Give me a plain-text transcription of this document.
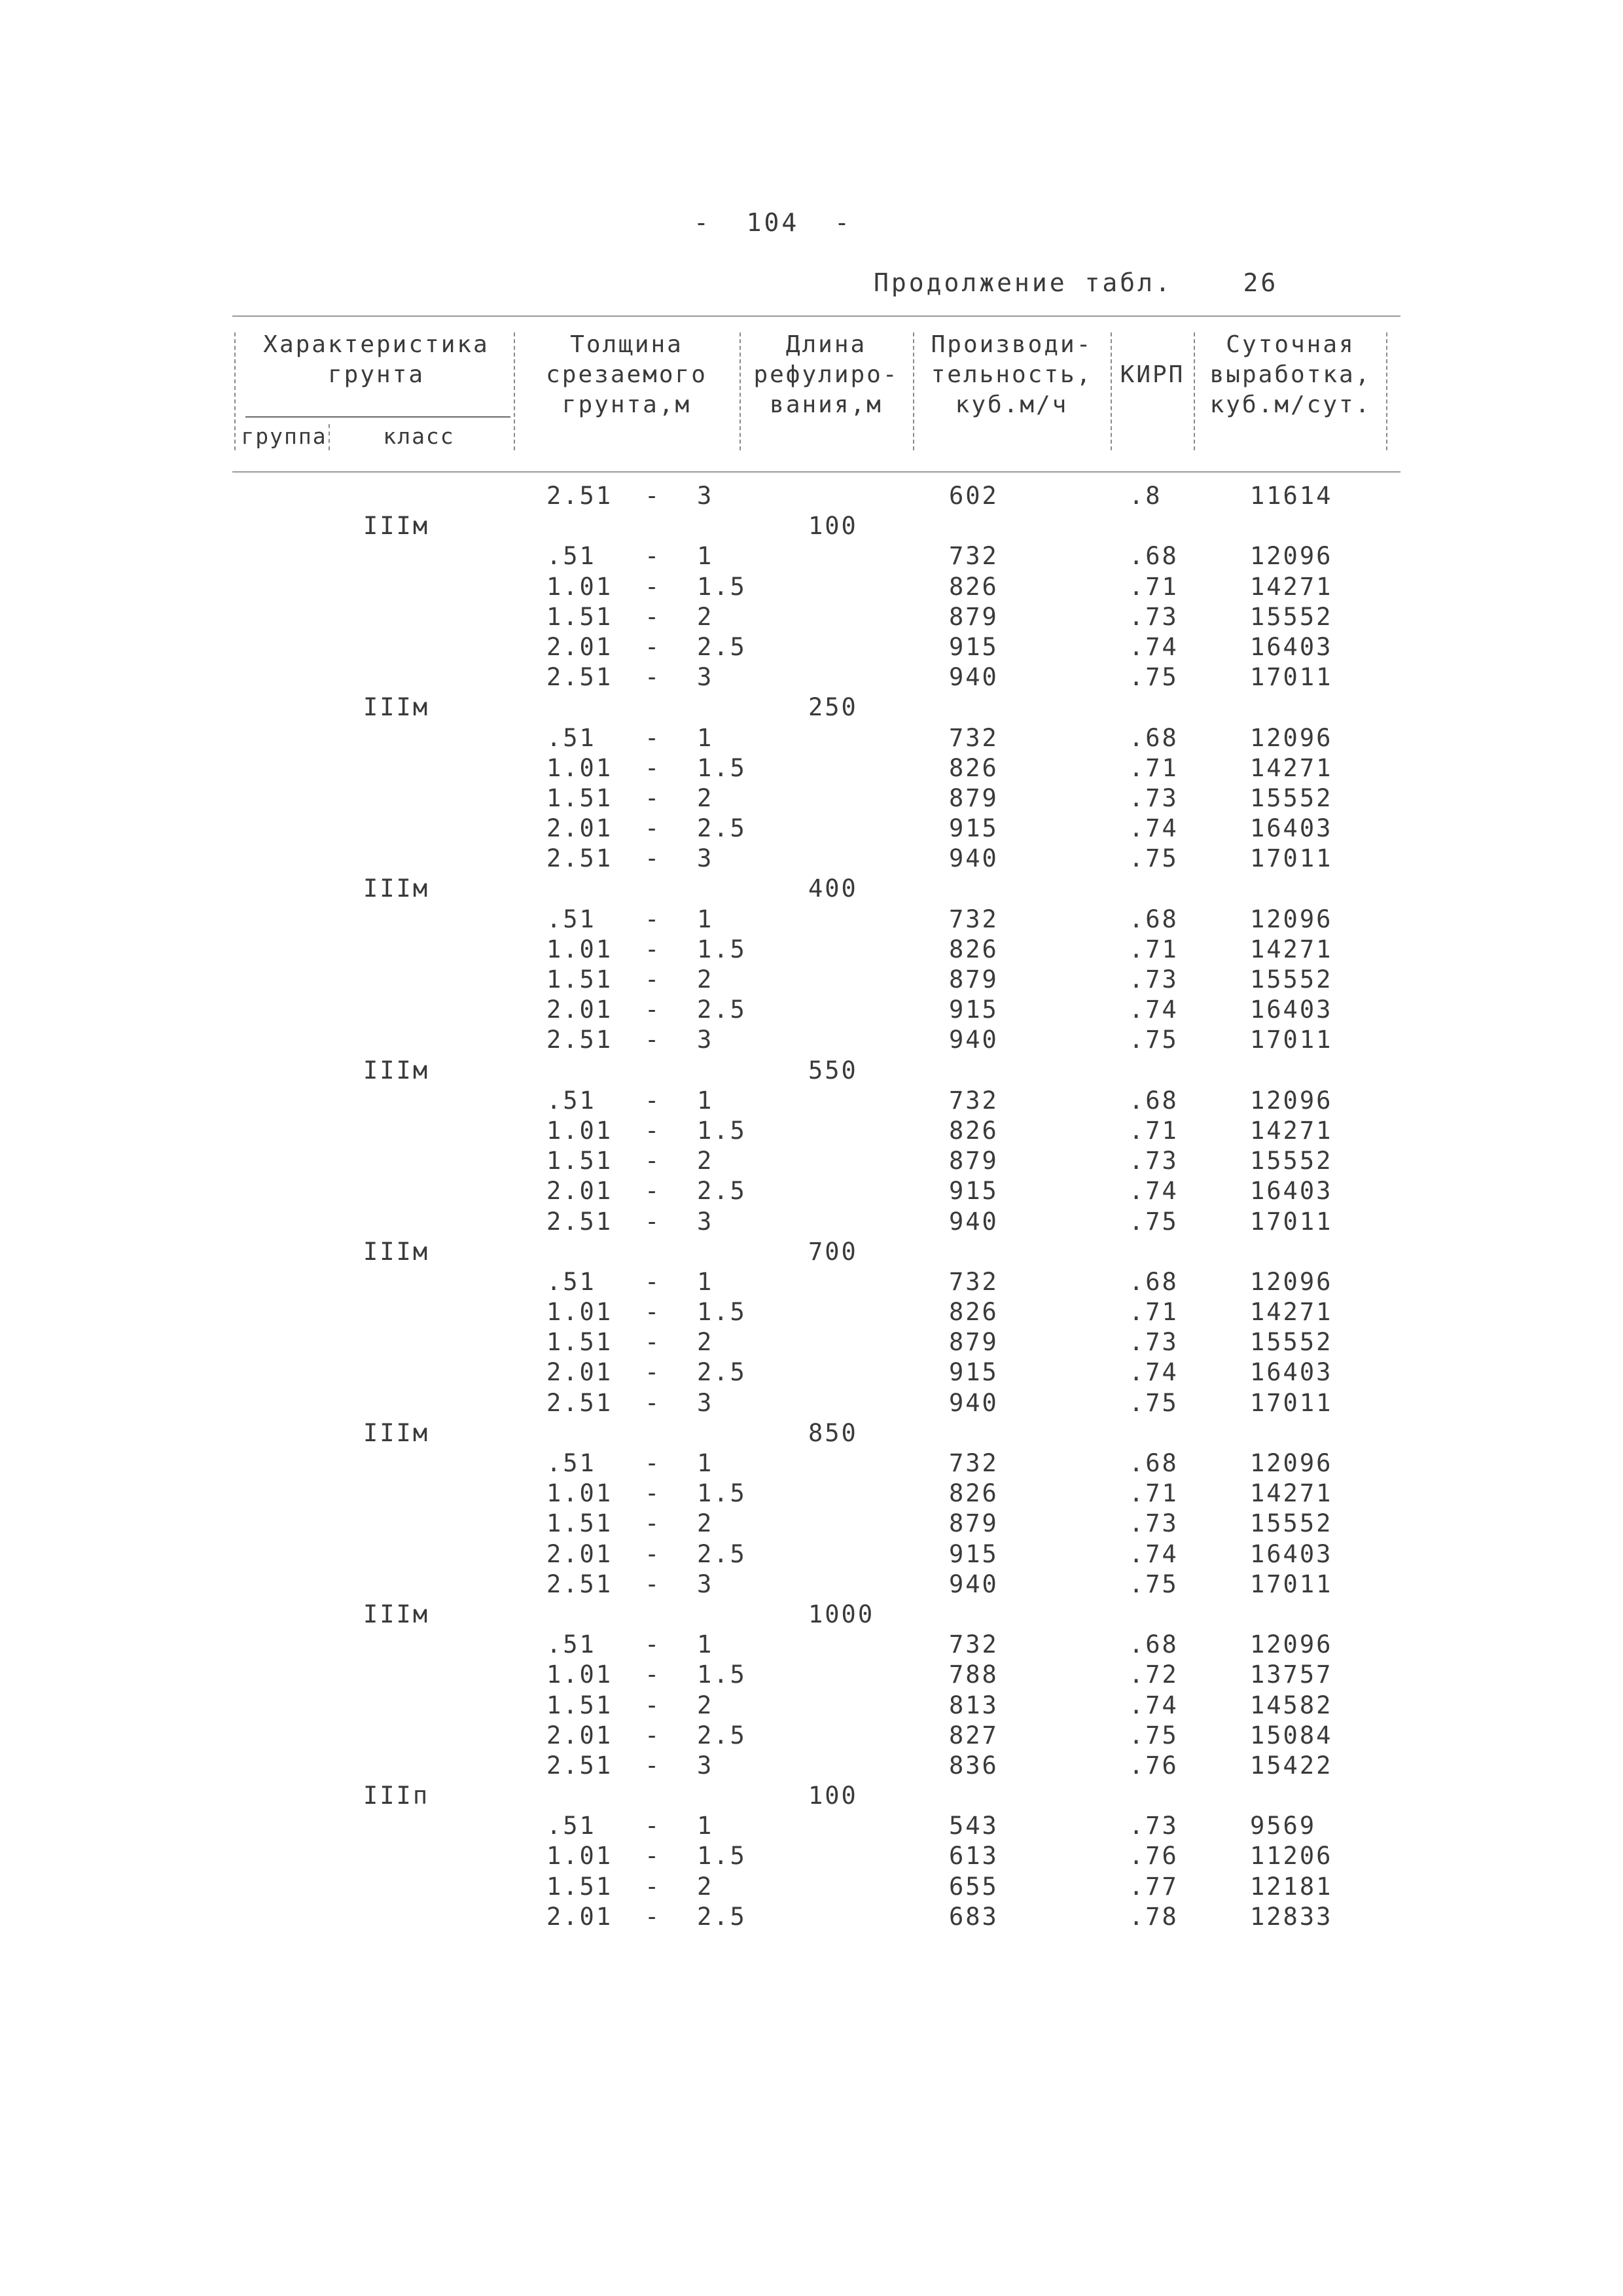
-  104  -
Продолжение табл.	26
Характеристика
грунта
группа	класс
Толщина
срезаемого
грунта,м
Длина
рефулиро-
вания,м
Производи-
тельность,
куб.м/ч
КИРП
Суточная
выработка,
куб.м/сут.
2.51 - 3	602	.8	11614
IIIм	100
.51 - 1	732	.68	12096
1.01 - 1.5	826	.71	14271
1.51 - 2	879	.73	15552
2.01 - 2.5	915	.74	16403
2.51 - 3	940	.75	17011
IIIм	250
.51 - 1	732	.68	12096
1.01 - 1.5	826	.71	14271
1.51 - 2	879	.73	15552
2.01 - 2.5	915	.74	16403
2.51 - 3	940	.75	17011
IIIм	400
.51 - 1	732	.68	12096
1.01 - 1.5	826	.71	14271
1.51 - 2	879	.73	15552
2.01 - 2.5	915	.74	16403
2.51 - 3	940	.75	17011
IIIм	550
.51 - 1	732	.68	12096
1.01 - 1.5	826	.71	14271
1.51 - 2	879	.73	15552
2.01 - 2.5	915	.74	16403
2.51 - 3	940	.75	17011
IIIм	700
.51 - 1	732	.68	12096
1.01 - 1.5	826	.71	14271
1.51 - 2	879	.73	15552
2.01 - 2.5	915	.74	16403
2.51 - 3	940	.75	17011
IIIм	850
.51 - 1	732	.68	12096
1.01 - 1.5	826	.71	14271
1.51 - 2	879	.73	15552
2.01 - 2.5	915	.74	16403
2.51 - 3	940	.75	17011
IIIм	1000
.51 - 1	732	.68	12096
1.01 - 1.5	788	.72	13757
1.51 - 2	813	.74	14582
2.01 - 2.5	827	.75	15084
2.51 - 3	836	.76	15422
IIIп	100
.51 - 1	543	.73	9569
1.01 - 1.5	613	.76	11206
1.51 - 2	655	.77	12181
2.01 - 2.5	683	.78	12833
